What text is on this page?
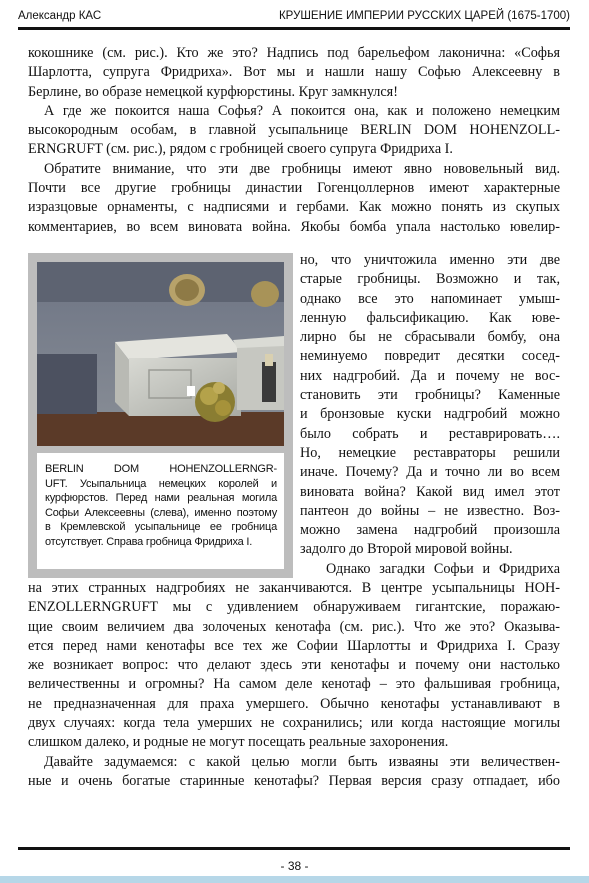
Александр КАС	КРУШЕНИЕ ИМПЕРИИ РУССКИХ ЦАРЕЙ (1675-1700)

кокошнике (см. рис.). Кто же это? Надпись под барельефом лаконична: «Софья
Шарлотта, супруга Фридриха». Вот мы и нашли нашу Софью Алексеевну в
Берлине, во образе немецкой курфюрстины. Круг замкнулся!

А где же покоится наша Софья? А покоится она, как и положено немецким
высокородным особам, в главной усыпальнице BERLIN DOM HOHENZOLL-
ERNGRUFT (см. рис.), рядом с гробницей своего супруга Фридриха I.

Обратите внимание, что эти две гробницы имеют явно нововельный вид.
Почти все другие гробницы династии Гогенцоллернов имеют характерные
изразцовые орнаменты, с надписями и гербами. Как можно понять из скупых
комментариев, во всем виновата война. Якобы бомба упала настолько ювелир-

BERLIN DOM HOHENZOLLERNGR-
UFT. Усыпальница немецких королей и
курфюрстов. Перед нами реальная могила
Софьи Алексеевны (слева), именно поэтому
в Кремлевской усыпальнице ее гробница
отсутствует. Справа гробница Фридриха I.
но, что уничтожила именно эти две
старые гробницы. Возможно и так,
однако все это напоминает умыш-
ленную фальсификацию. Как юве-
лирно бы не сбрасывали бомбу, она
неминуемо повредит десятки сосед-
них надгробий. Да и почему не вос-
становить эти гробницы? Каменные
и бронзовые куски надгробий можно
было собрать и реставрировать….
Но, немецкие реставраторы решили
иначе. Почему? Да и точно ли во всем
виновата война? Какой вид имел этот
пантеон до войны – не известно. Воз-
можно замена надгробий произошла
задолго до Второй мировой войны.
Однако загадки Софьи и Фридриха

на этих странных надгробиях не заканчиваются. В центре усыпальницы HOH-
ENZOLLERNGRUFT мы с удивлением обнаруживаем гигантские, поражаю-
щие своим величием два золоченых кенотафа (см. рис.). Что же это? Оказыва-
ется перед нами кенотафы все тех же Софии Шарлотты и Фридриха I. Сразу
же возникает вопрос: что делают здесь эти кенотафы и почему они настолько
величественны и огромны? На самом деле кенотаф – это фальшивая гробница,
не предназначенная для праха умершего. Обычно кенотафы устанавливают в
двух случаях: когда тела умерших не сохранились; или когда настоящие могилы
слишком далеко, и родные не могут посещать реальные захоронения.

Давайте задумаемся: с какой целью могли быть изваяны эти величествен-
ные и очень богатые старинные кенотафы? Первая версия сразу отпадает, ибо

- 38 -
